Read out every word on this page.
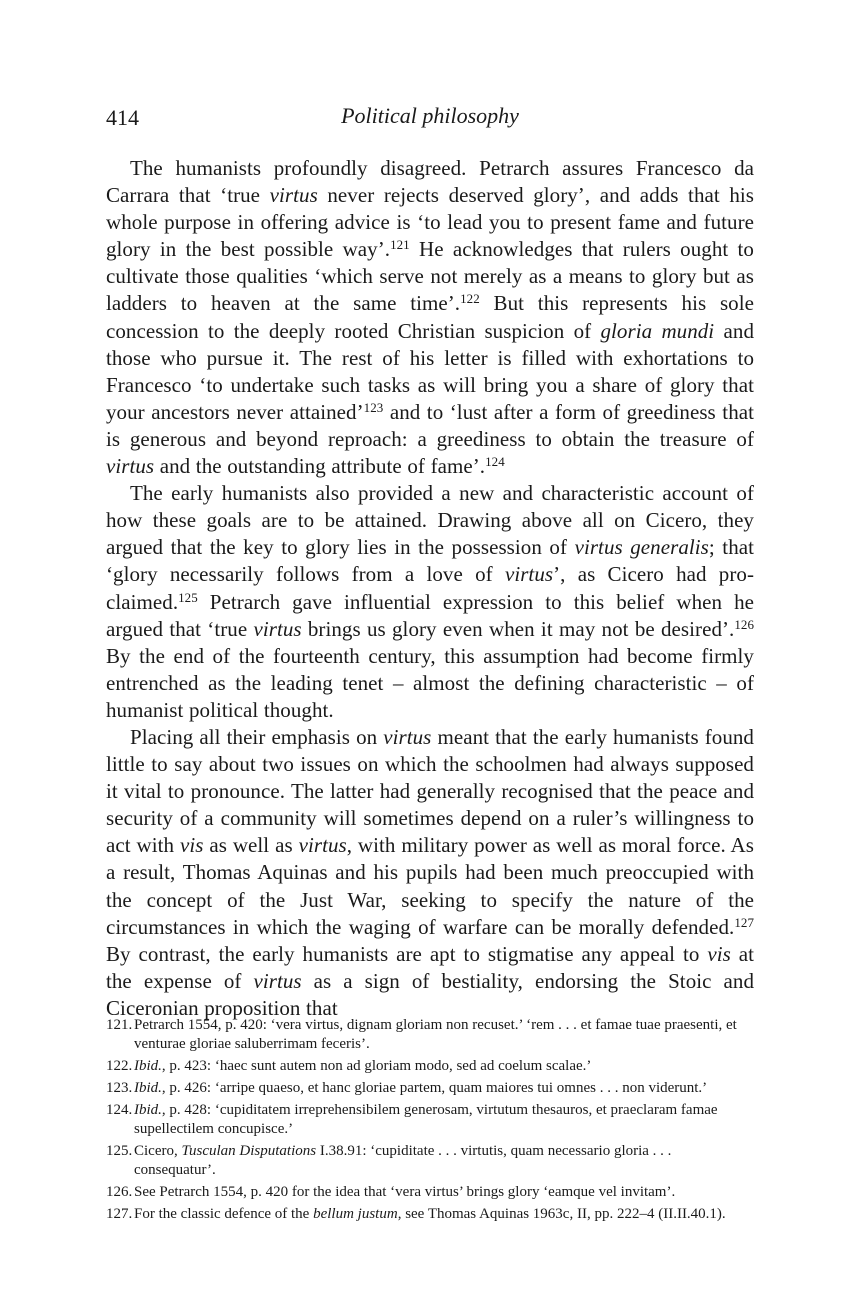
414	Political philosophy

The humanists profoundly disagreed. Petrarch assures Francesco da Carrara that ‘true virtus never rejects deserved glory’, and adds that his whole purpose in offering advice is ‘to lead you to present fame and future glory in the best possible way’.$^{121}$ He acknowledges that rulers ought to cultivate those qualities ‘which serve not merely as a means to glory but as ladders to heaven at the same time’.$^{122}$ But this represents his sole concession to the deeply rooted Christian suspicion of gloria mundi and those who pursue it. The rest of his letter is filled with exhortations to Francesco ‘to undertake such tasks as will bring you a share of glory that your ancestors never attained’$^{123}$ and to ‘lust after a form of greediness that is generous and beyond reproach: a greediness to obtain the treasure of virtus and the outstanding attribute of fame’.$^{124}$

The early humanists also provided a new and characteristic account of how these goals are to be attained. Drawing above all on Cicero, they argued that the key to glory lies in the possession of virtus generalis; that ‘glory necessarily follows from a love of virtus’, as Cicero had pro-claimed.$^{125}$ Petrarch gave influential expression to this belief when he argued that ‘true virtus brings us glory even when it may not be desired’.$^{126}$ By the end of the fourteenth century, this assumption had become firmly entrenched as the leading tenet – almost the defining characteristic – of humanist political thought.

Placing all their emphasis on virtus meant that the early humanists found little to say about two issues on which the schoolmen had always supposed it vital to pronounce. The latter had generally recognised that the peace and security of a community will sometimes depend on a ruler’s willingness to act with vis as well as virtus, with military power as well as moral force. As a result, Thomas Aquinas and his pupils had been much preoccupied with the concept of the Just War, seeking to specify the nature of the circumstances in which the waging of warfare can be morally defended.$^{127}$ By contrast, the early humanists are apt to stigmatise any appeal to vis at the expense of virtus as a sign of bestiality, endorsing the Stoic and Ciceronian proposition that

121. Petrarch 1554, p. 420: ‘vera virtus, dignam gloriam non recuset.’ ‘rem . . . et famae tuae praesenti, et venturae gloriae saluberrimam feceris’.
122. Ibid., p. 423: ‘haec sunt autem non ad gloriam modo, sed ad coelum scalae.’
123. Ibid., p. 426: ‘arripe quaeso, et hanc gloriae partem, quam maiores tui omnes . . . non viderunt.’
124. Ibid., p. 428: ‘cupiditatem irreprehensibilem generosam, virtutum thesauros, et praeclaram famae supellectilem concupisce.’
125. Cicero, Tusculan Disputations I.38.91: ‘cupiditate . . . virtutis, quam necessario gloria . . . consequatur’.
126. See Petrarch 1554, p. 420 for the idea that ‘vera virtus’ brings glory ‘eamque vel invitam’.
127. For the classic defence of the bellum justum, see Thomas Aquinas 1963c, II, pp. 222–4 (II.II.40.1).
